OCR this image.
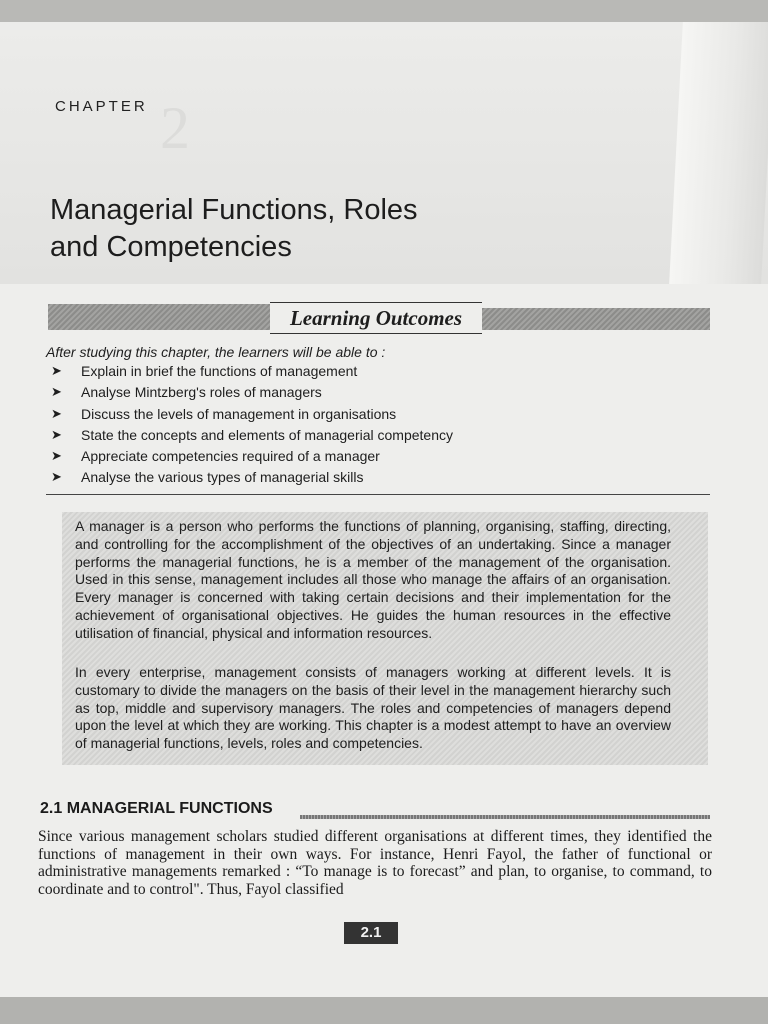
CHAPTER 2
Managerial Functions, Roles
and Competencies
Learning Outcomes
After studying this chapter, the learners will be able to :
➤ Explain in brief the functions of management
➤ Analyse Mintzberg's roles of managers
➤ Discuss the levels of management in organisations
➤ State the concepts and elements of managerial competency
➤ Appreciate competencies required of a manager
➤ Analyse the various types of managerial skills

A manager is a person who performs the functions of planning, organising, staffing, directing, and controlling for the accomplishment of the objectives of an undertaking. Since a manager performs the managerial functions, he is a member of the management of the organisation. Used in this sense, management includes all those who manage the affairs of an organisation. Every manager is concerned with taking certain decisions and their implementation for the achievement of organisational objectives. He guides the human resources in the effective utilisation of financial, physical and information resources.

In every enterprise, management consists of managers working at different levels. It is customary to divide the managers on the basis of their level in the management hierarchy such as top, middle and supervisory managers. The roles and competencies of managers depend upon the level at which they are working. This chapter is a modest attempt to have an overview of managerial functions, levels, roles and competencies.

2.1 MANAGERIAL FUNCTIONS

Since various management scholars studied different organisations at different times, they identified the functions of management in their own ways. For instance, Henri Fayol, the father of functional or administrative managements remarked : “To manage is to forecast” and plan, to organise, to command, to coordinate and to control". Thus, Fayol classified

2.1
